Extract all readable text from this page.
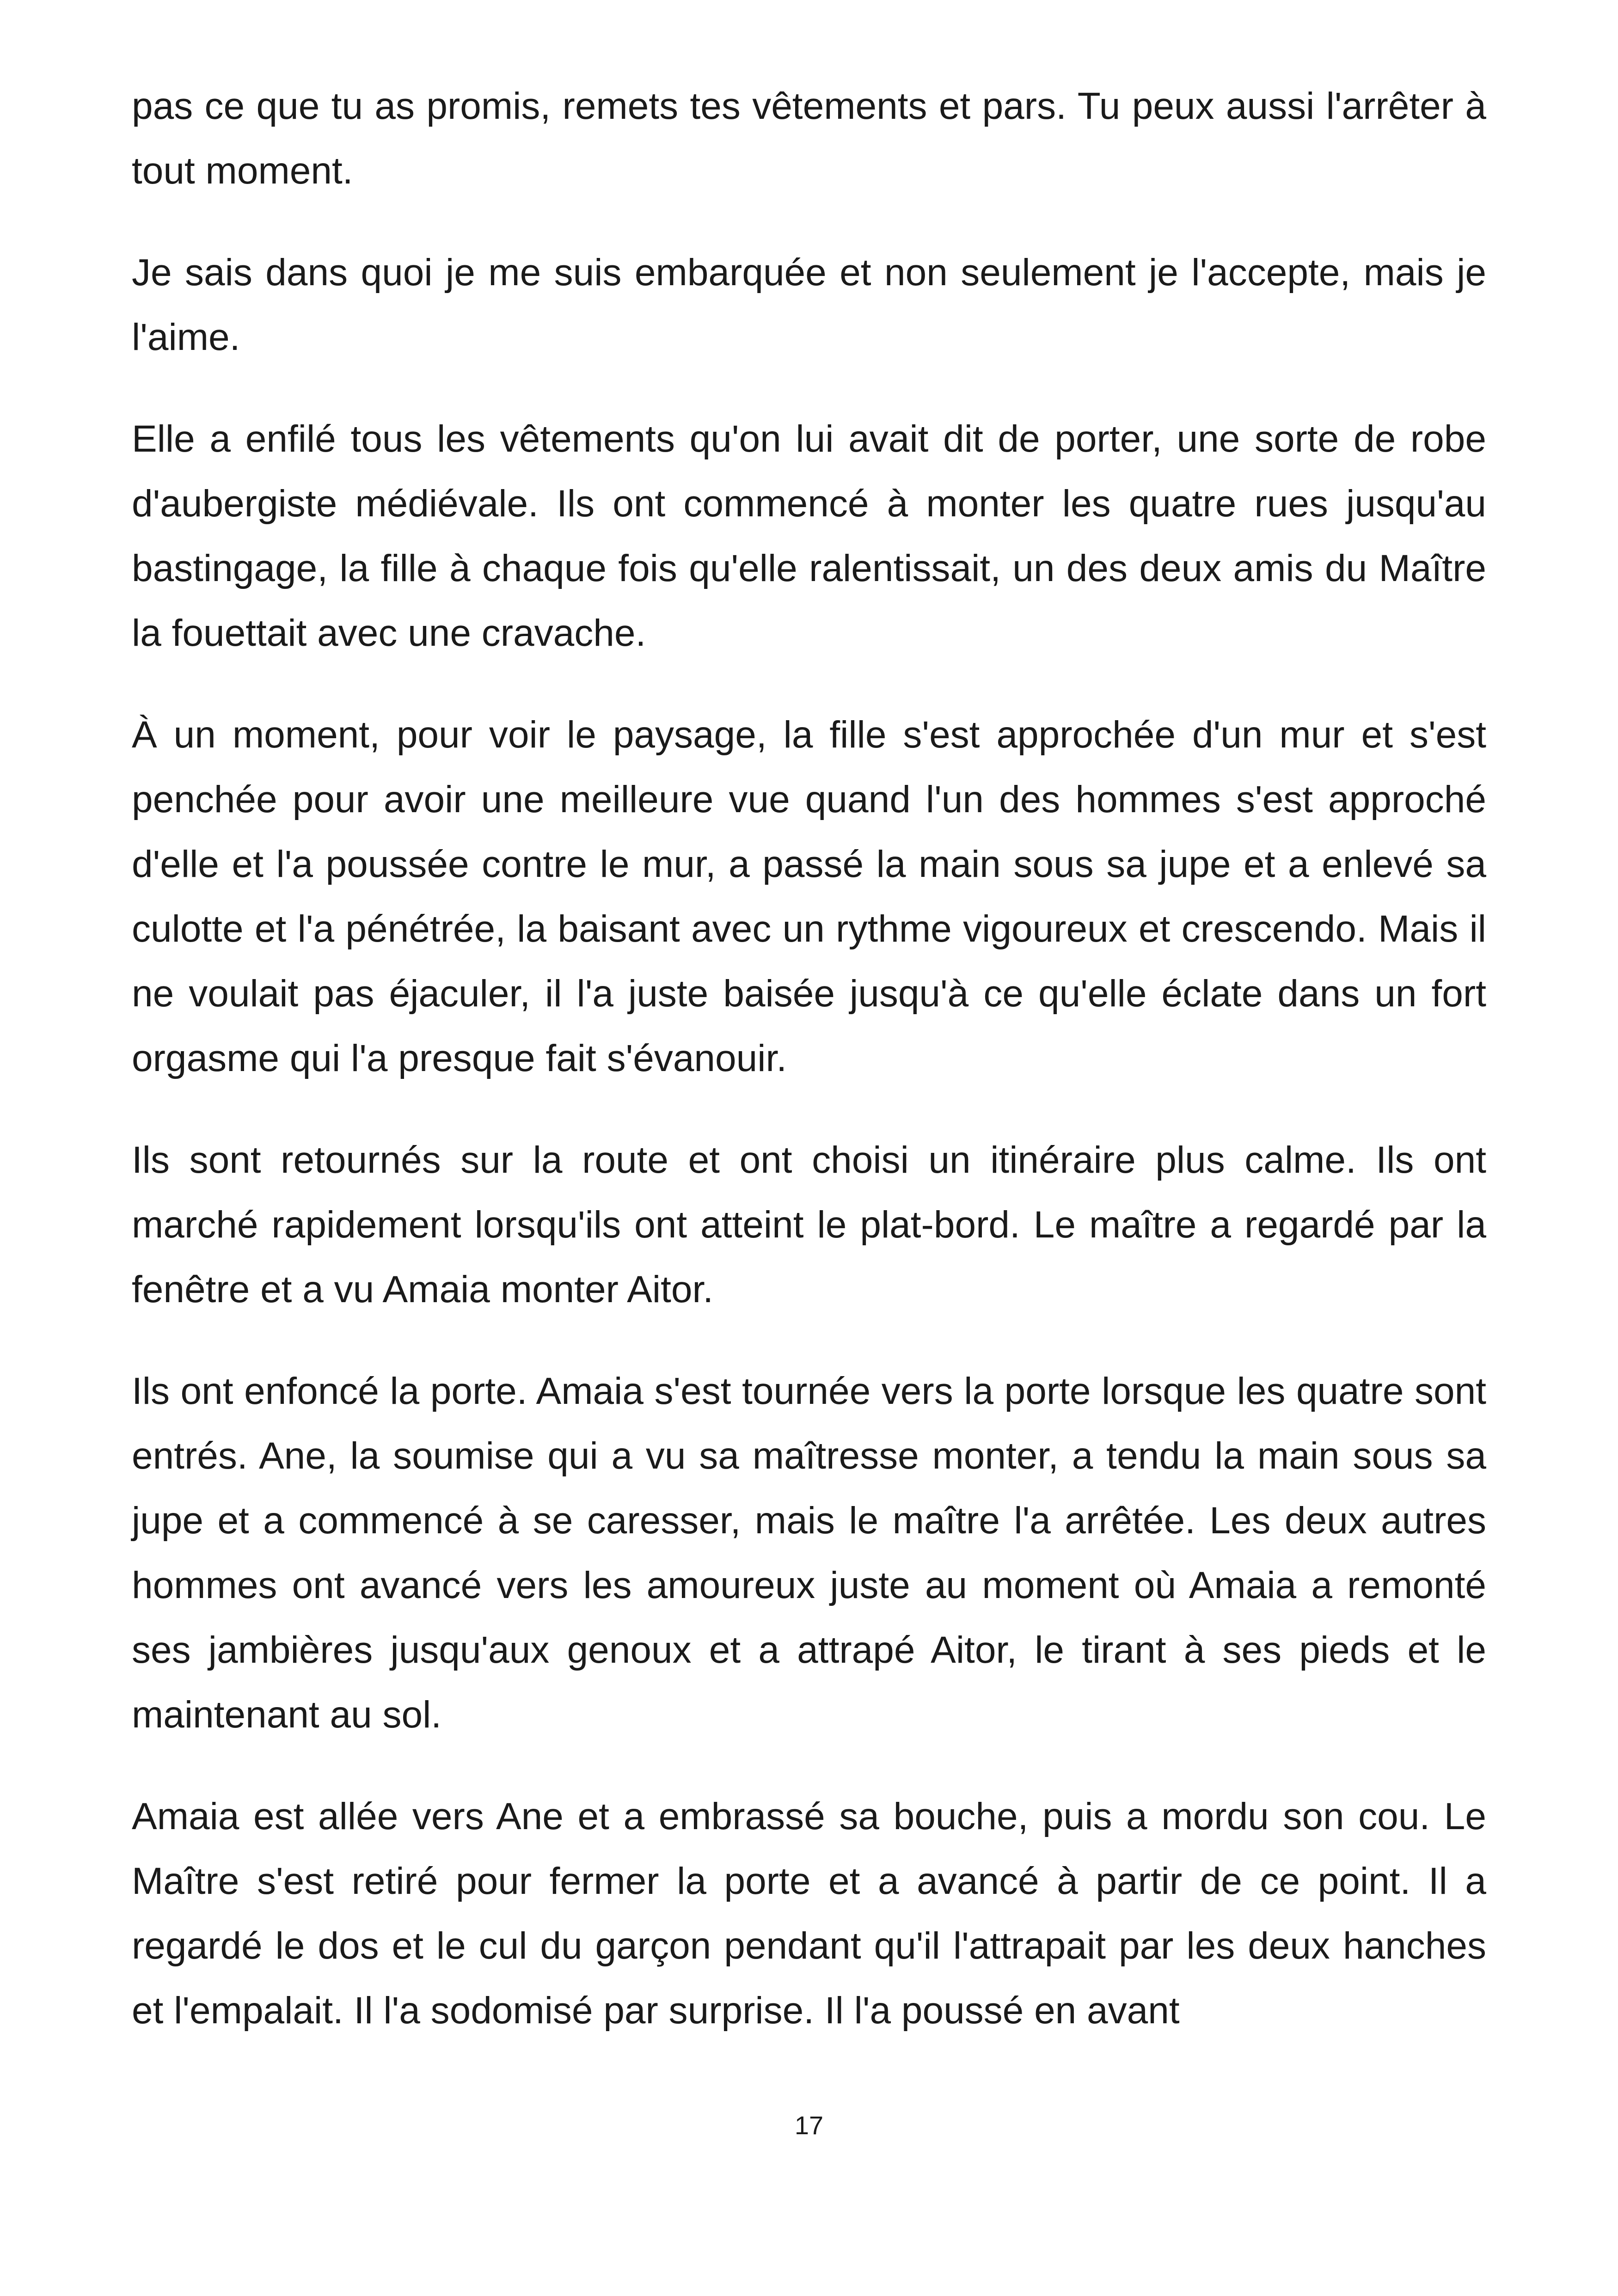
pas ce que tu as promis, remets tes vêtements et pars. Tu peux aussi l'arrêter à tout moment.

Je sais dans quoi je me suis embarquée et non seulement je l'accepte, mais je l'aime.

Elle a enfilé tous les vêtements qu'on lui avait dit de porter, une sorte de robe d'aubergiste médiévale. Ils ont commencé à monter les quatre rues jusqu'au bastingage, la fille à chaque fois qu'elle ralentissait, un des deux amis du Maître la fouettait avec une cravache.

À un moment, pour voir le paysage, la fille s'est approchée d'un mur et s'est penchée pour avoir une meilleure vue quand l'un des hommes s'est approché d'elle et l'a poussée contre le mur, a passé la main sous sa jupe et a enlevé sa culotte et l'a pénétrée, la baisant avec un rythme vigoureux et crescendo. Mais il ne voulait pas éjaculer, il l'a juste baisée jusqu'à ce qu'elle éclate dans un fort orgasme qui l'a presque fait s'évanouir.

Ils sont retournés sur la route et ont choisi un itinéraire plus calme. Ils ont marché rapidement lorsqu'ils ont atteint le plat-bord. Le maître a regardé par la fenêtre et a vu Amaia monter Aitor.

Ils ont enfoncé la porte. Amaia s'est tournée vers la porte lorsque les quatre sont entrés. Ane, la soumise qui a vu sa maîtresse monter, a tendu la main sous sa jupe et a commencé à se caresser, mais le maître l'a arrêtée. Les deux autres hommes ont avancé vers les amoureux juste au moment où Amaia a remonté ses jambières jusqu'aux genoux et a attrapé Aitor, le tirant à ses pieds et le maintenant au sol.

Amaia est allée vers Ane et a embrassé sa bouche, puis a mordu son cou. Le Maître s'est retiré pour fermer la porte et a avancé à partir de ce point. Il a regardé le dos et le cul du garçon pendant qu'il l'attrapait par les deux hanches et l'empalait. Il l'a sodomisé par surprise. Il l'a poussé en avant

17
